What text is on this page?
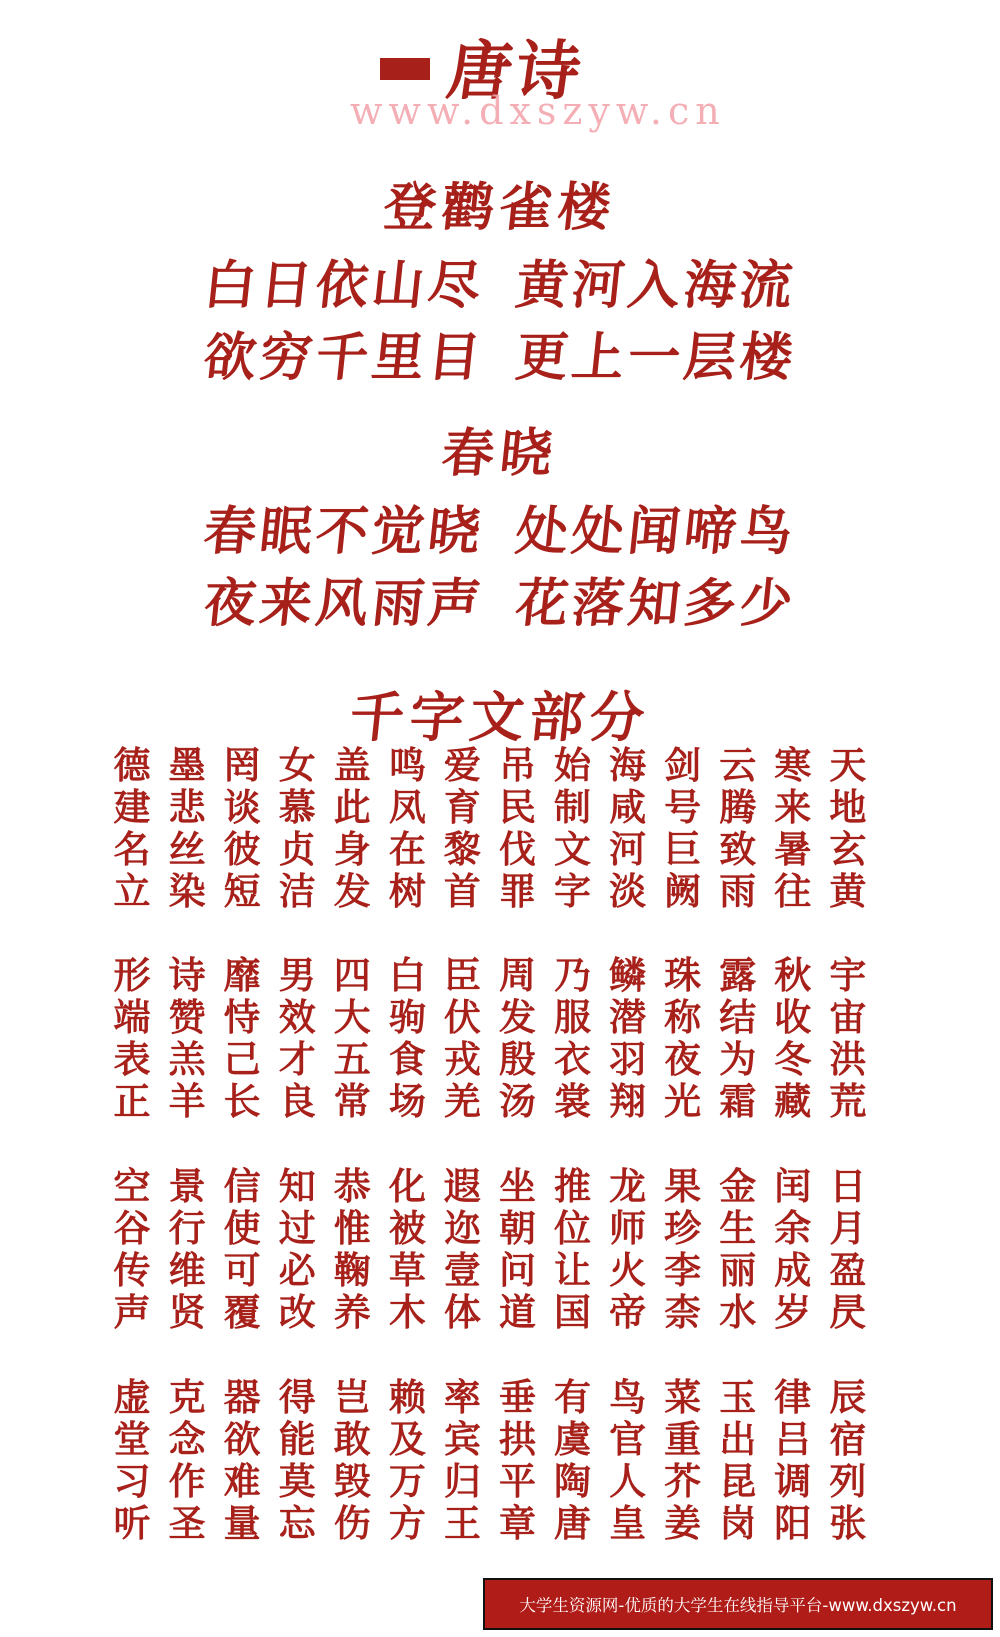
唐诗
www.dxszyw.cn
登鹳雀楼
白日依山尽 黄河入海流
欲穷千里目 更上一层楼
春晓
春眠不觉晓 处处闻啼鸟
夜来风雨声 花落知多少
千字文部分
天
地
玄
黄
寒
来
暑
往
云
腾
致
雨
剑
号
巨
阙
海
咸
河
淡
始
制
文
字
吊
民
伐
罪
爱
育
黎
首
鸣
凤
在
树
盖
此
身
发
女
慕
贞
洁
罔
谈
彼
短
墨
悲
丝
染
德
建
名
立
宇
宙
洪
荒
秋
收
冬
藏
露
结
为
霜
珠
称
夜
光
鳞
潜
羽
翔
乃
服
衣
裳
周
发
殷
汤
臣
伏
戎
羌
白
驹
食
场
四
大
五
常
男
效
才
良
靡
恃
己
长
诗
赞
羔
羊
形
端
表
正
日
月
盈
昃
闰
余
成
岁
金
生
丽
水
果
珍
李
柰
龙
师
火
帝
推
位
让
国
坐
朝
问
道
遐
迩
壹
体
化
被
草
木
恭
惟
鞠
养
知
过
必
改
信
使
可
覆
景
行
维
贤
空
谷
传
声
辰
宿
列
张
律
吕
调
阳
玉
出
昆
岗
菜
重
芥
姜
鸟
官
人
皇
有
虞
陶
唐
垂
拱
平
章
率
宾
归
王
赖
及
万
方
岂
敢
毁
伤
得
能
莫
忘
器
欲
难
量
克
念
作
圣
虚
堂
习
听
大学生资源网-优质的大学生在线指导平台-www.dxszyw.cn
